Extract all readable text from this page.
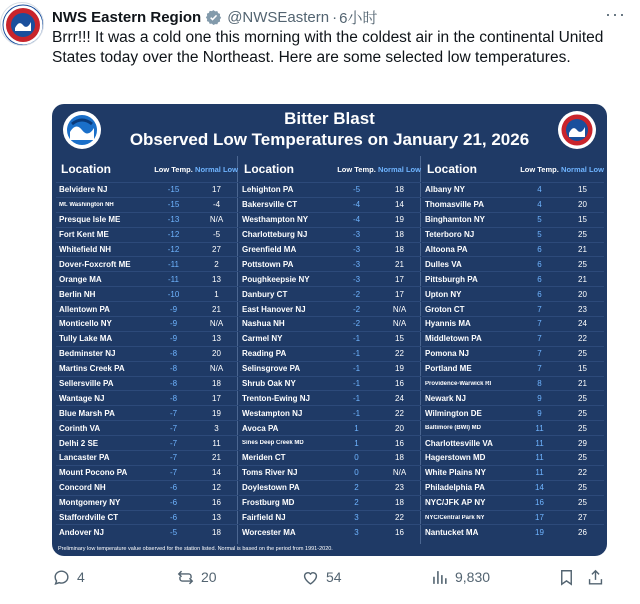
NWS Eastern Region @NWSEastern · 6小时	···
Brrr!!! It was a cold one this morning with the coldest air in the continental United States today over the Northeast. Here are some selected low temperatures.
Bitter Blast
Observed Low Temperatures on January 21, 2026
Location	Low Temp. Normal Low
Belvidere NJ	-15	17
Mt. Washington NH	-15	-4
Presque Isle ME	-13	N/A
Fort Kent ME	-12	-5
Whitefield NH	-12	27
Dover-Foxcroft ME	-11	2
Orange MA	-11	13
Berlin NH	-10	1
Allentown PA	-9	21
Monticello NY	-9	N/A
Tully Lake MA	-9	13
Bedminster NJ	-8	20
Martins Creek PA	-8	N/A
Sellersville PA	-8	18
Wantage NJ	-8	17
Blue Marsh PA	-7	19
Corinth VA	-7	3
Delhi 2 SE	-7	11
Lancaster PA	-7	21
Mount Pocono PA	-7	14
Concord NH	-6	12
Montgomery NY	-6	16
Staffordville CT	-6	13
Andover NJ	-5	18
Location	Low Temp. Normal Low
Lehighton PA	-5	18
Bakersville CT	-4	14
Westhampton NY	-4	19
Charlotteburg NJ	-3	18
Greenfield MA	-3	18
Pottstown PA	-3	21
Poughkeepsie NY	-3	17
Danbury CT	-2	17
East Hanover NJ	-2	N/A
Nashua NH	-2	N/A
Carmel NY	-1	15
Reading PA	-1	22
Selinsgrove PA	-1	19
Shrub Oak NY	-1	16
Trenton-Ewing NJ	-1	24
Westampton NJ	-1	22
Avoca PA	1	20
Sines Deep Creek MD	1	16
Meriden CT	0	18
Toms River NJ	0	N/A
Doylestown PA	2	23
Frostburg MD	2	18
Fairfield NJ	3	22
Worcester MA	3	16
Location	Low Temp. Normal Low
Albany NY	4	15
Thomasville PA	4	20
Binghamton NY	5	15
Teterboro NJ	5	25
Altoona PA	6	21
Dulles VA	6	25
Pittsburgh PA	6	21
Upton NY	6	20
Groton CT	7	23
Hyannis MA	7	24
Middletown PA	7	22
Pomona NJ	7	25
Portland ME	7	15
Providence-Warwick RI	8	21
Newark NJ	9	25
Wilmington DE	9	25
Baltimore (BWI) MD	11	25
Charlottesville VA	11	29
Hagerstown MD	11	25
White Plains NY	11	22
Philadelphia PA	14	25
NYC/JFK AP NY	16	25
NYC/Central Park NY	17	27
Nantucket MA	19	26
Preliminary low temperature value observed for the station listed. Normal is based on the period from 1991-2020.
4	20	54	9,830
